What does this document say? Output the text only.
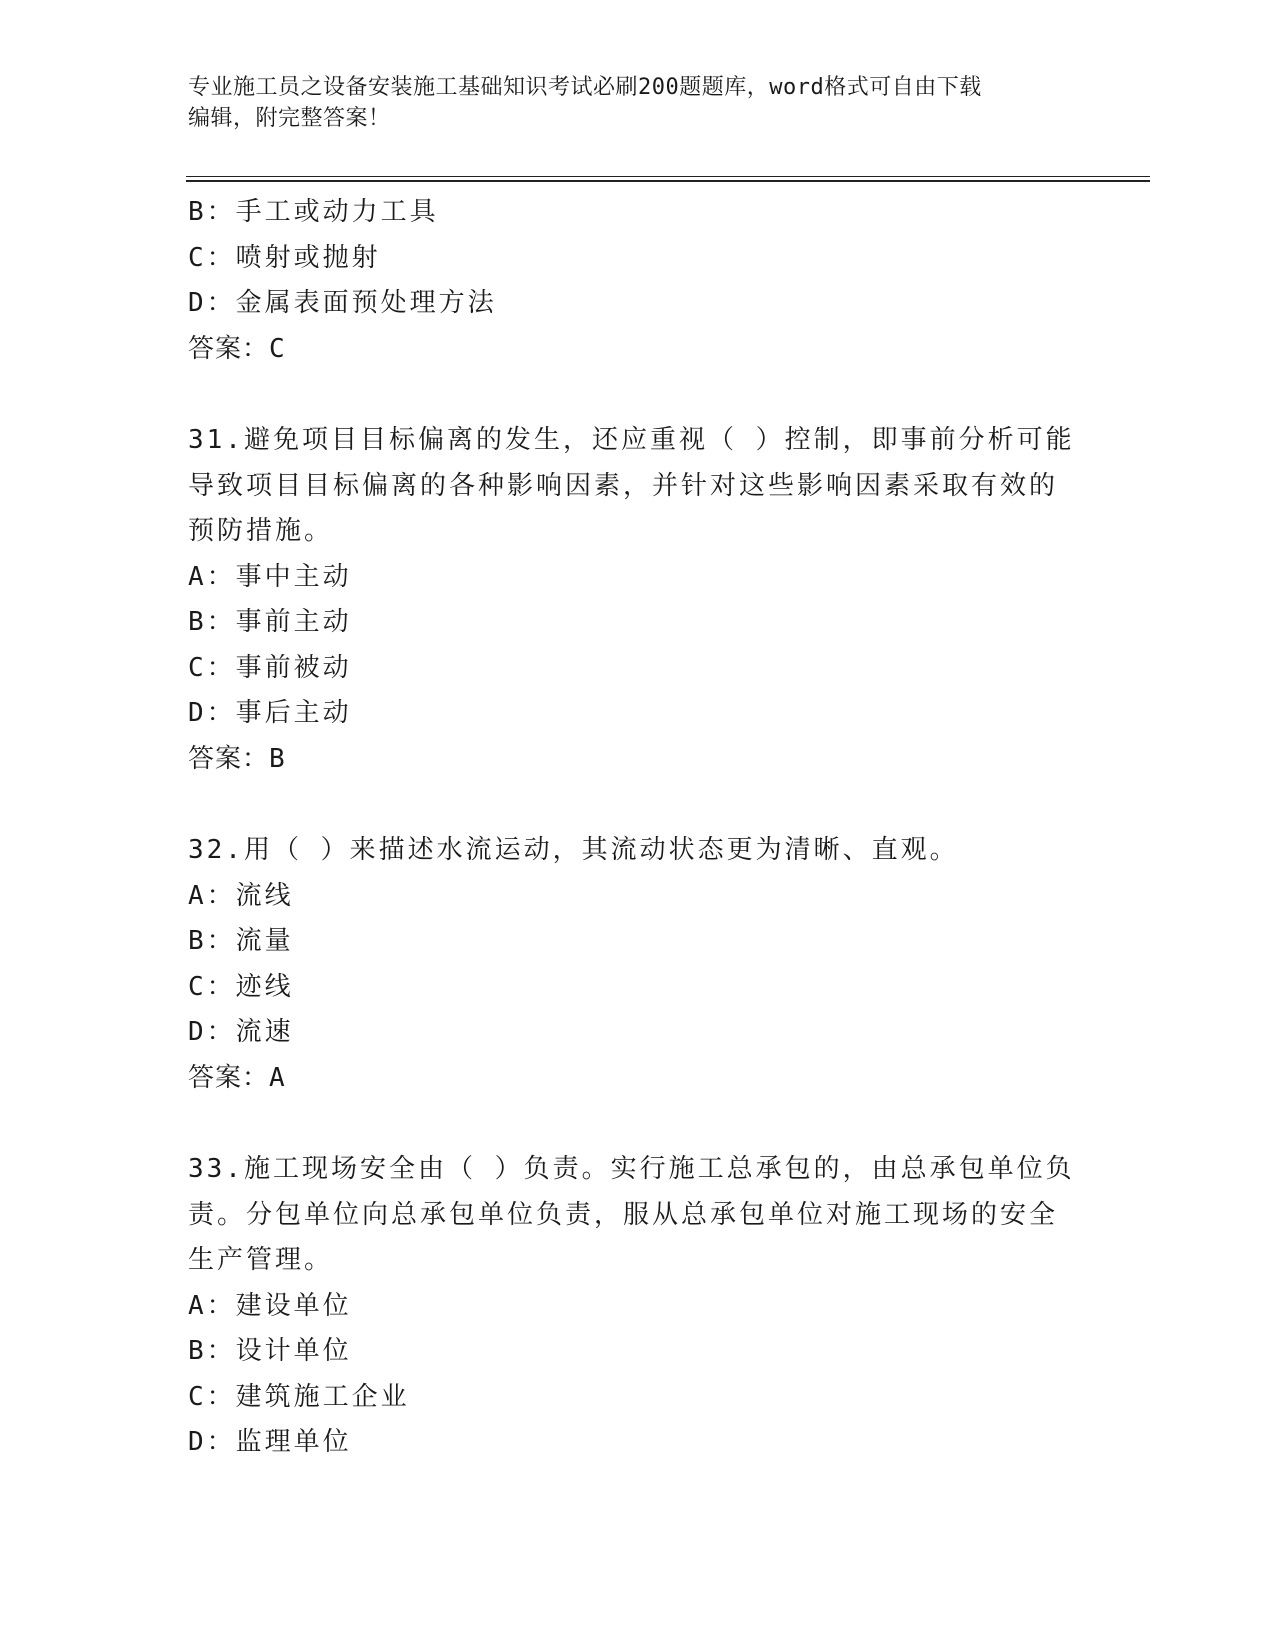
专业施工员之设备安装施工基础知识考试必刷200题题库，word格式可自由下载
编辑，附完整答案！
B：手工或动力工具
C：喷射或抛射
D：金属表面预处理方法
答案：C
31.避免项目目标偏离的发生，还应重视（ ）控制，即事前分析可能
导致项目目标偏离的各种影响因素，并针对这些影响因素采取有效的
预防措施。
A：事中主动
B：事前主动
C：事前被动
D：事后主动
答案：B
32.用（ ）来描述水流运动，其流动状态更为清晰、直观。
A：流线
B：流量
C：迹线
D：流速
答案：A
33.施工现场安全由（ ）负责。实行施工总承包的，由总承包单位负
责。分包单位向总承包单位负责，服从总承包单位对施工现场的安全
生产管理。
A：建设单位
B：设计单位
C：建筑施工企业
D：监理单位
